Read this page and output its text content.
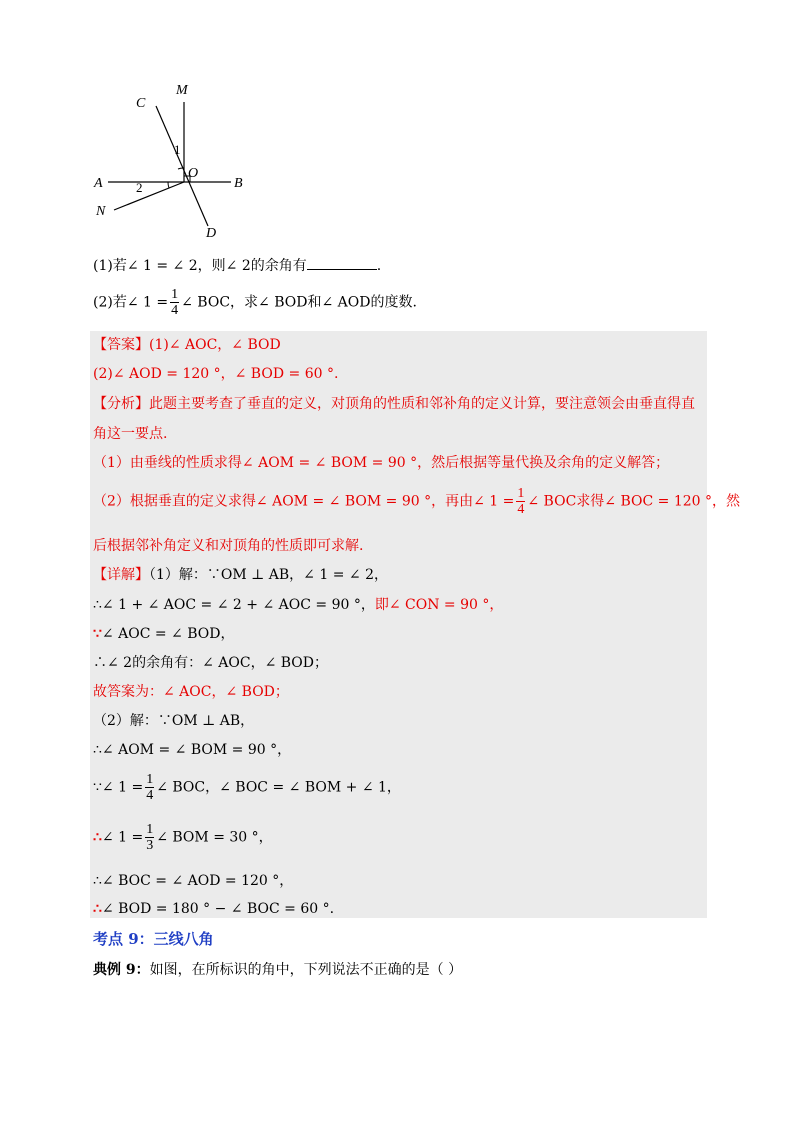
C
M
O
A	B
N
D
1
2
(1)若∠ 1 = ∠ 2，则∠ 2的余角有	.
(2)若∠ $1 = \frac{1}{4}$ ∠ BOC，求∠ BOD和∠ AOD的度数.
【答案】(1)∠ AOC，∠ BOD
(2)∠ AOD = 120 °，∠ BOD = 60 °.
【分析】此题主要考查了垂直的定义，对顶角的性质和邻补角的定义计算，要注意领会由垂直得直
角这一要点.
（1）由垂线的性质求得∠ AOM = ∠ BOM = 90 °，然后根据等量代换及余角的定义解答；
（2）根据垂直的定义求得∠ AOM = ∠ BOM = 90 °，再由∠ $1 = \frac{1}{4}$ ∠ BOC求得∠ BOC = 120 °，然
后根据邻补角定义和对顶角的性质即可求解.
【详解】（1）解：∵OM ⊥ AB，∠ 1 = ∠ 2，
∴∠ 1 + ∠ AOC = ∠ 2 + ∠ AOC = 90 °，即∠ CON = 90 °，
∵∠ AOC = ∠ BOD，
∴∠ 2的余角有：∠ AOC，∠ BOD；
故答案为：∠ AOC，∠ BOD；
（2）解：∵OM ⊥ AB，
∴∠ AOM = ∠ BOM = 90 °，
∵∠ $1 = \frac{1}{4}$ ∠ BOC，∠ BOC = ∠ BOM + ∠ 1，
∴∠ $1 = \frac{1}{3}$ ∠ BOM = 30 °，
∴∠ BOC = ∠ AOD = 120 °，
∴∠ BOD = 180 ° − ∠ BOC = 60 °.
考点 9：三线八角
典例 9：如图，在所标识的角中，下列说法不正确的是（ ）
